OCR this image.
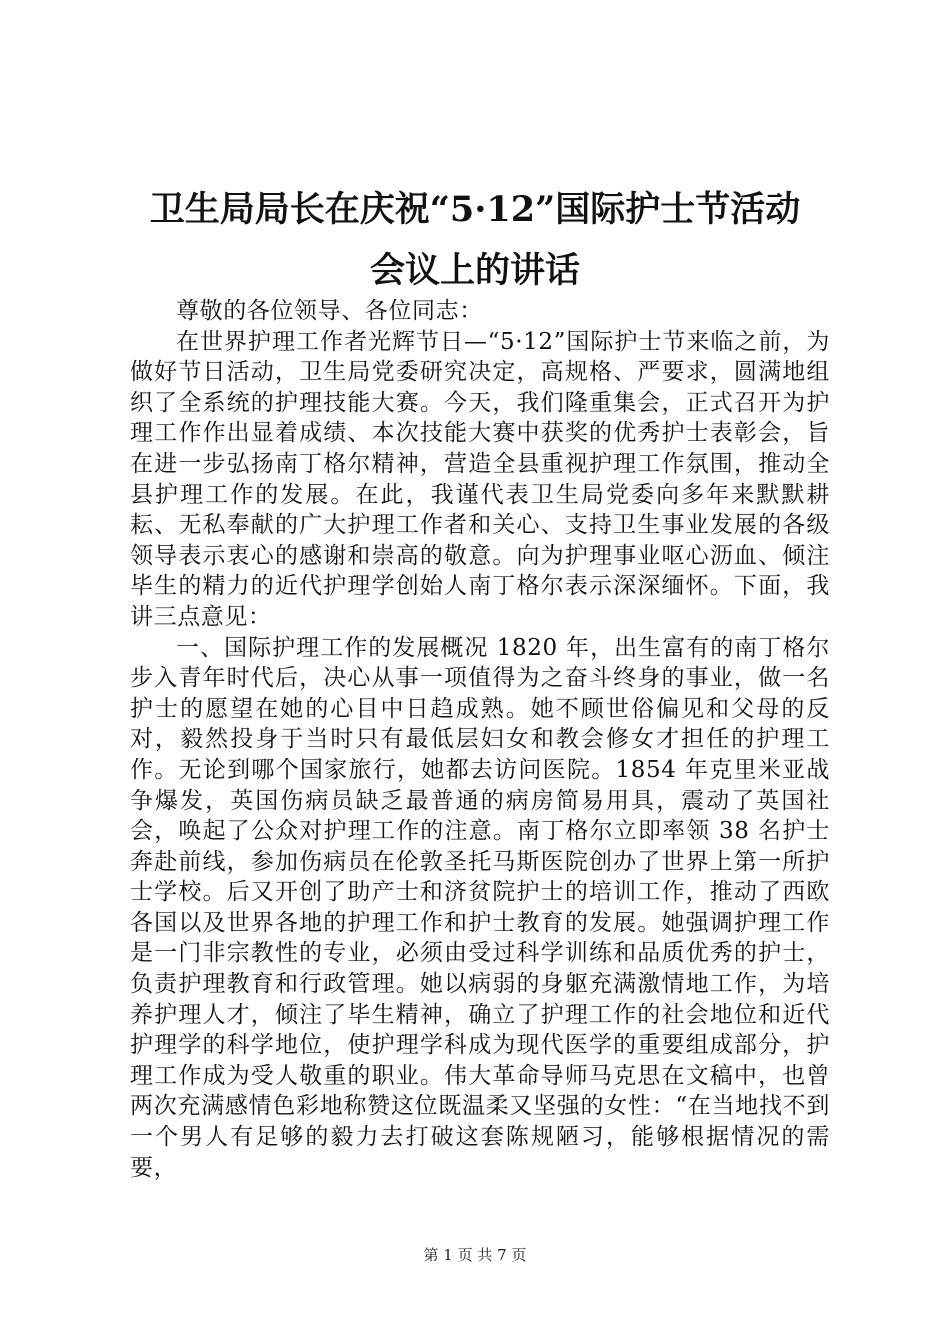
卫生局局长在庆祝“5·12”国际护士节活动
会议上的讲话

尊敬的各位领导、各位同志：

在世界护理工作者光辉节日—“5·12”国际护士节来临之前，为做好节日活动，卫生局党委研究决定，高规格、严要求，圆满地组织了全系统的护理技能大赛。今天，我们隆重集会，正式召开为护理工作作出显着成绩、本次技能大赛中获奖的优秀护士表彰会，旨在进一步弘扬南丁格尔精神，营造全县重视护理工作氛围，推动全县护理工作的发展。在此，我谨代表卫生局党委向多年来默默耕耘、无私奉献的广大护理工作者和关心、支持卫生事业发展的各级领导表示衷心的感谢和崇高的敬意。向为护理事业呕心沥血、倾注毕生的精力的近代护理学创始人南丁格尔表示深深缅怀。下面，我讲三点意见：

一、国际护理工作的发展概况 1820 年，出生富有的南丁格尔步入青年时代后，决心从事一项值得为之奋斗终身的事业，做一名护士的愿望在她的心目中日趋成熟。她不顾世俗偏见和父母的反对，毅然投身于当时只有最低层妇女和教会修女才担任的护理工作。无论到哪个国家旅行，她都去访问医院。1854 年克里米亚战争爆发，英国伤病员缺乏最普通的病房简易用具，震动了英国社会，唤起了公众对护理工作的注意。南丁格尔立即率领 38 名护士奔赴前线，参加伤病员在伦敦圣托马斯医院创办了世界上第一所护士学校。后又开创了助产士和济贫院护士的培训工作，推动了西欧各国以及世界各地的护理工作和护士教育的发展。她强调护理工作是一门非宗教性的专业，必须由受过科学训练和品质优秀的护士，负责护理教育和行政管理。她以病弱的身躯充满激情地工作，为培养护理人才，倾注了毕生精神，确立了护理工作的社会地位和近代护理学的科学地位，使护理学科成为现代医学的重要组成部分，护理工作成为受人敬重的职业。伟大革命导师马克思在文稿中，也曾两次充满感情色彩地称赞这位既温柔又坚强的女性：“在当地找不到一个男人有足够的毅力去打破这套陈规陋习，能够根据情况的需要，

第 1 页 共 7 页
